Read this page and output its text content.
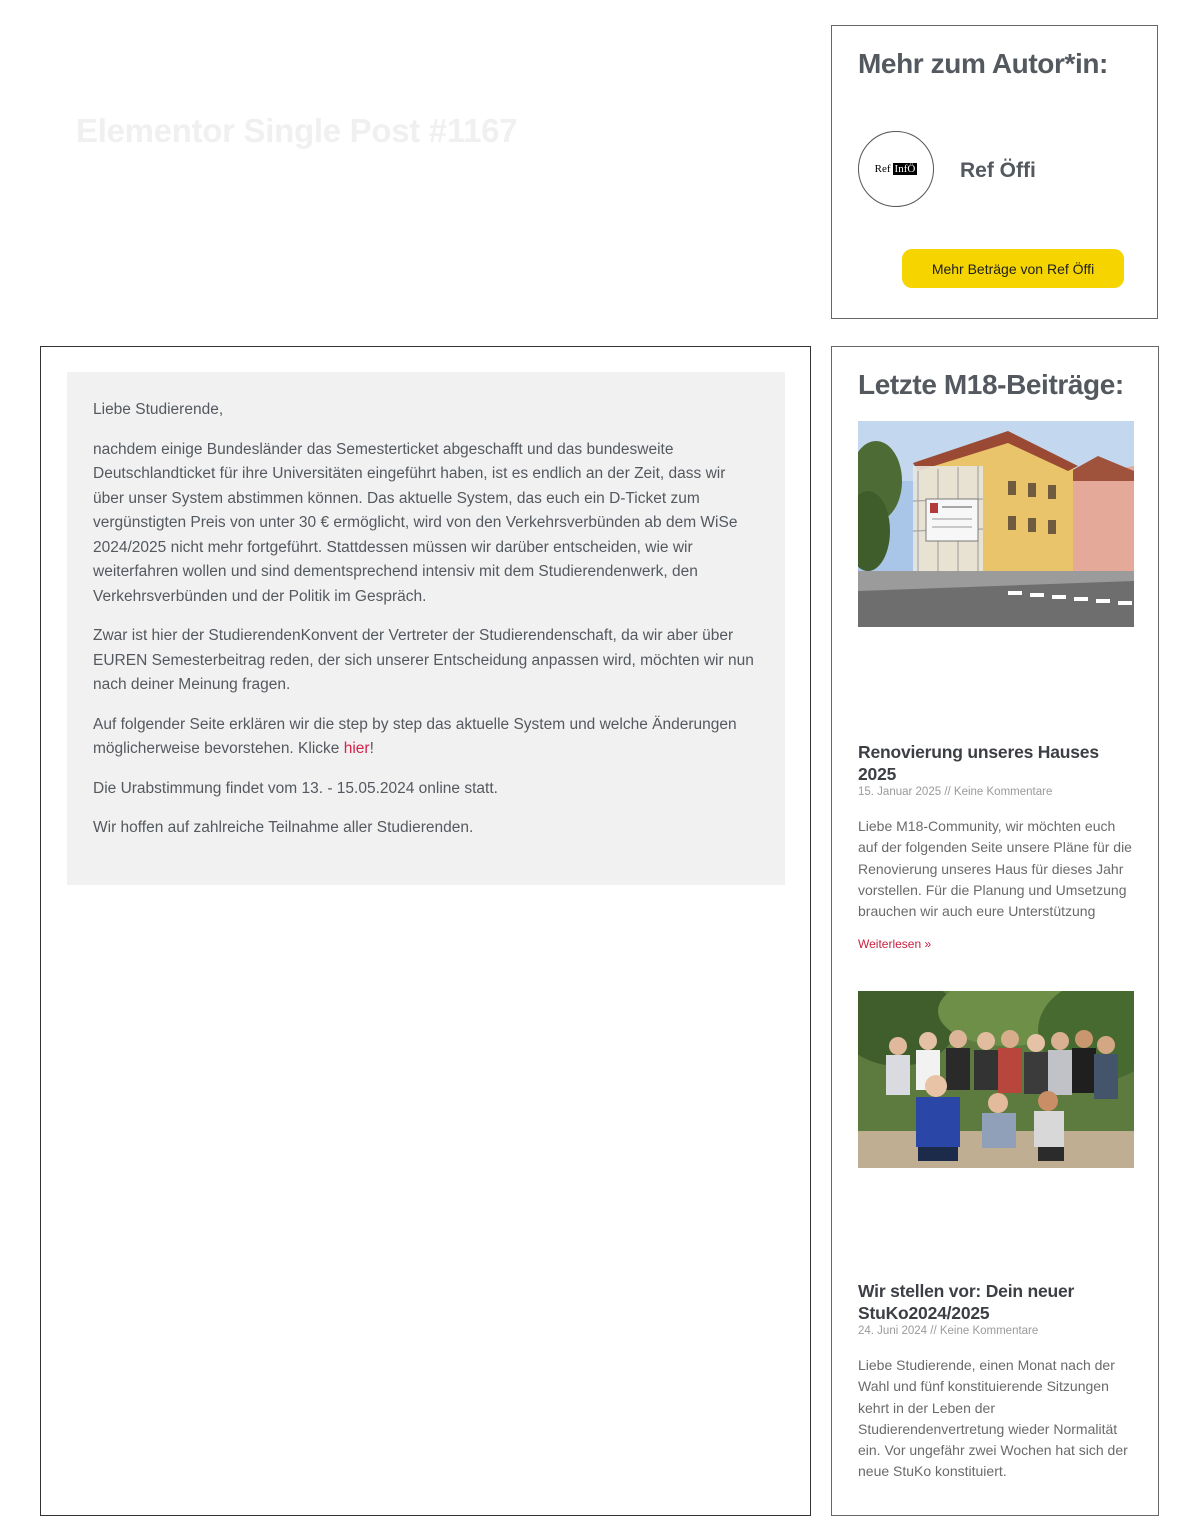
Elementor Single Post #1167
Mehr zum Autor*in:
Ref InfÖ Ref Öffi
Mehr Beträge von Ref Öffi

Liebe Studierende,

nachdem einige Bundesländer das Semesterticket abgeschafft und das bundesweite Deutschlandticket für ihre Universitäten eingeführt haben, ist es endlich an der Zeit, dass wir über unser System abstimmen können. Das aktuelle System, das euch ein D-Ticket zum vergünstigten Preis von unter 30 € ermöglicht, wird von den Verkehrsverbünden ab dem WiSe 2024/2025 nicht mehr fortgeführt. Stattdessen müssen wir darüber entscheiden, wie wir weiterfahren wollen und sind dementsprechend intensiv mit dem Studierendenwerk, den Verkehrsverbünden und der Politik im Gespräch.

Zwar ist hier der StudierendenKonvent der Vertreter der Studierendenschaft, da wir aber über EUREN Semesterbeitrag reden, der sich unserer Entscheidung anpassen wird, möchten wir nun nach deiner Meinung fragen.

Auf folgender Seite erklären wir die step by step das aktuelle System und welche Änderungen möglicherweise bevorstehen. Klicke hier!

Die Urabstimmung findet vom 13. - 15.05.2024 online statt.

Wir hoffen auf zahlreiche Teilnahme aller Studierenden.

Letzte M18-Beiträge:
Renovierung unseres Hauses 2025
15. Januar 2025 // Keine Kommentare

Liebe M18-Community, wir möchten euch auf der folgenden Seite unsere Pläne für die Renovierung unseres Haus für dieses Jahr vorstellen. Für die Planung und Umsetzung brauchen wir auch eure Unterstützung

Weiterlesen »
Wir stellen vor: Dein neuer StuKo2024/2025
24. Juni 2024 // Keine Kommentare

Liebe Studierende, einen Monat nach der Wahl und fünf konstituierende Sitzungen kehrt in der Leben der Studierendenvertretung wieder Normalität ein. Vor ungefähr zwei Wochen hat sich der neue StuKo konstituiert.
